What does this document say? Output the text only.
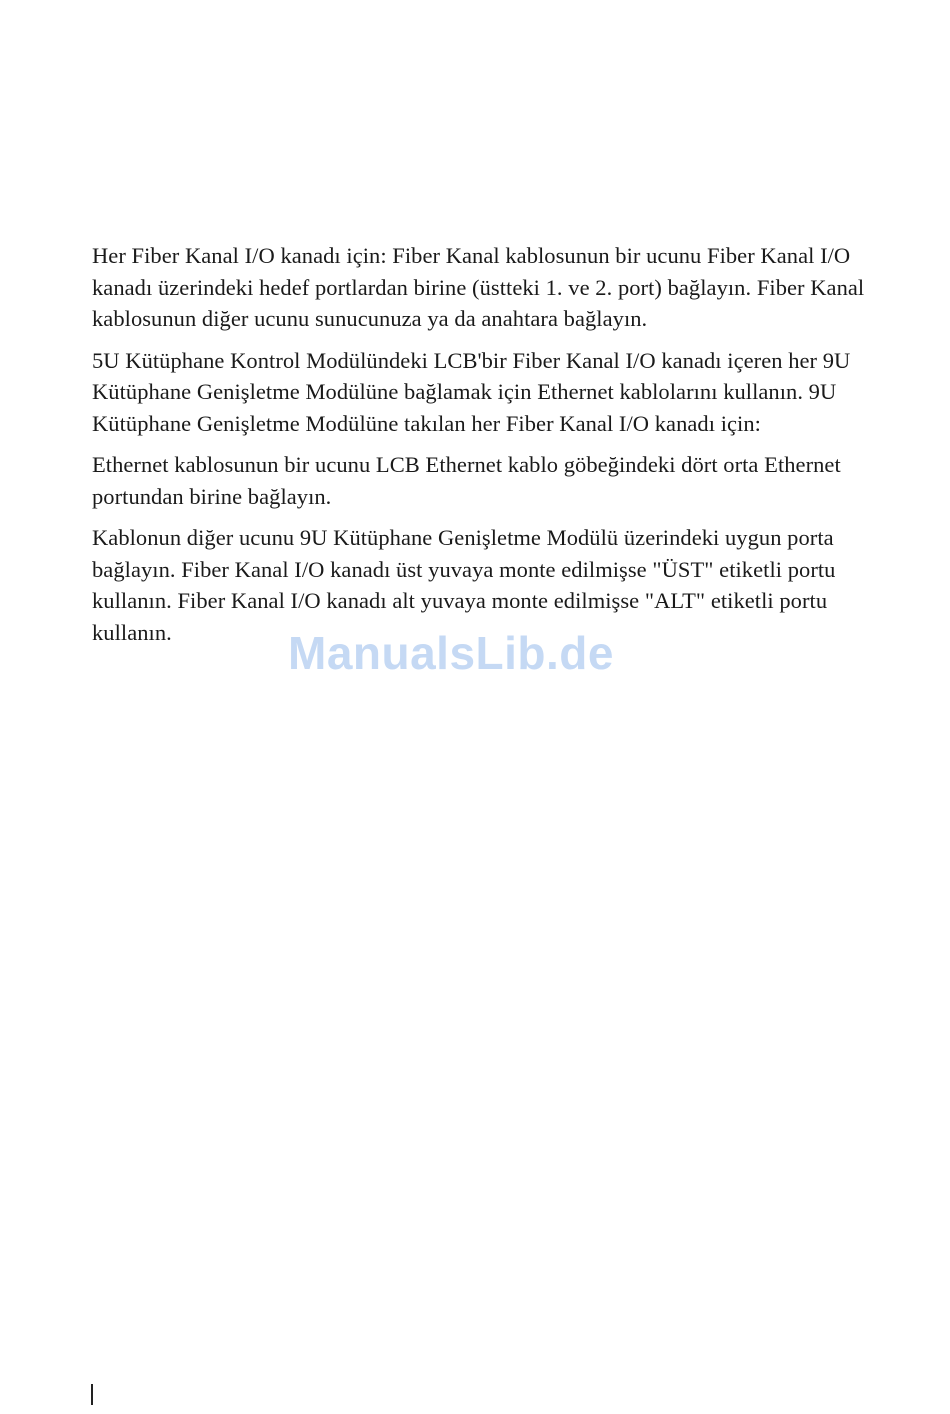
Her Fiber Kanal I/O kanadı için: Fiber Kanal kablosunun bir ucunu Fiber Kanal I/O kanadı üzerindeki hedef portlardan birine (üstteki 1. ve 2. port) bağlayın. Fiber Kanal kablosunun diğer ucunu sunucunuza ya da anahtara bağlayın.

5U Kütüphane Kontrol Modülündeki LCB'bir Fiber Kanal I/O kanadı içeren her 9U Kütüphane Genişletme Modülüne bağlamak için Ethernet kablolarını kullanın. 9U Kütüphane Genişletme Modülüne takılan her Fiber Kanal I/O kanadı için:

Ethernet kablosunun bir ucunu LCB Ethernet kablo göbeğindeki dört orta Ethernet portundan birine bağlayın.

Kablonun diğer ucunu 9U Kütüphane Genişletme Modülü üzerindeki uygun porta bağlayın. Fiber Kanal I/O kanadı üst yuvaya monte edilmişse "ÜST" etiketli portu kullanın. Fiber Kanal I/O kanadı alt yuvaya monte edilmişse "ALT" etiketli portu kullanın.	ManualsLib.de
